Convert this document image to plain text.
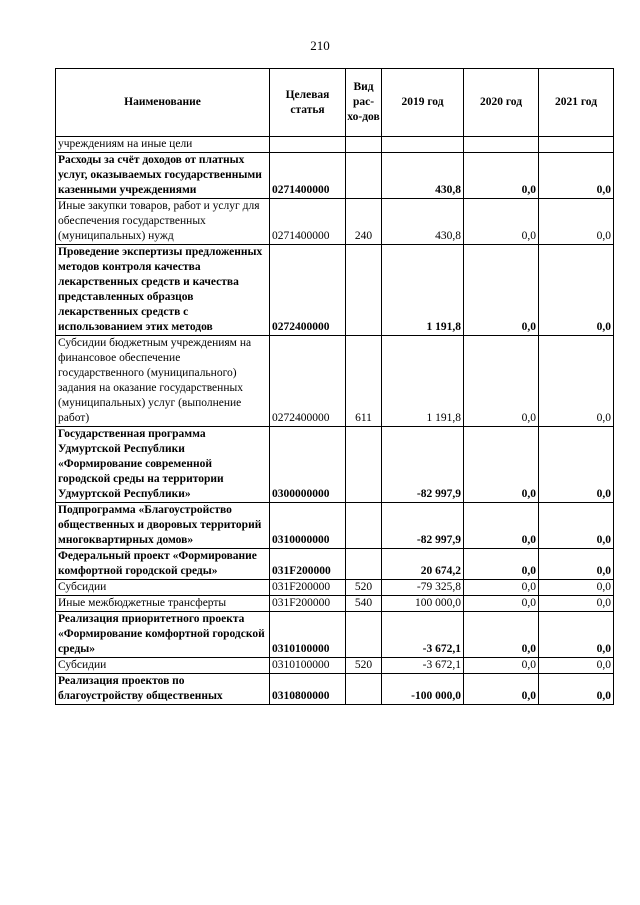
210
Наименование	Целевая статья	Вид рас-хо-дов	2019 год	2020 год	2021 год
учреждениям на иные цели					
Расходы за счёт доходов от платных услуг, оказываемых государственными казенными учреждениями	0271400000		430,8	0,0	0,0
Иные закупки товаров, работ и услуг для обеспечения государственных (муниципальных) нужд	0271400000	240	430,8	0,0	0,0
Проведение экспертизы предложенных методов контроля качества лекарственных средств и качества представленных образцов лекарственных средств с использованием этих методов	0272400000		1 191,8	0,0	0,0
Субсидии бюджетным учреждениям на финансовое обеспечение государственного (муниципального) задания на оказание государственных (муниципальных) услуг (выполнение работ)	0272400000	611	1 191,8	0,0	0,0
Государственная программа Удмуртской Республики «Формирование современной городской среды на территории Удмуртской Республики»	0300000000		-82 997,9	0,0	0,0
Подпрограмма «Благоустройство общественных и дворовых территорий многоквартирных домов»	0310000000		-82 997,9	0,0	0,0
Федеральный проект «Формирование комфортной городской среды»	031F200000		20 674,2	0,0	0,0
Субсидии	031F200000	520	-79 325,8	0,0	0,0
Иные межбюджетные трансферты	031F200000	540	100 000,0	0,0	0,0
Реализация приоритетного проекта «Формирование комфортной городской среды»	0310100000		-3 672,1	0,0	0,0
Субсидии	0310100000	520	-3 672,1	0,0	0,0
Реализация проектов по благоустройству общественных	0310800000		-100 000,0	0,0	0,0
